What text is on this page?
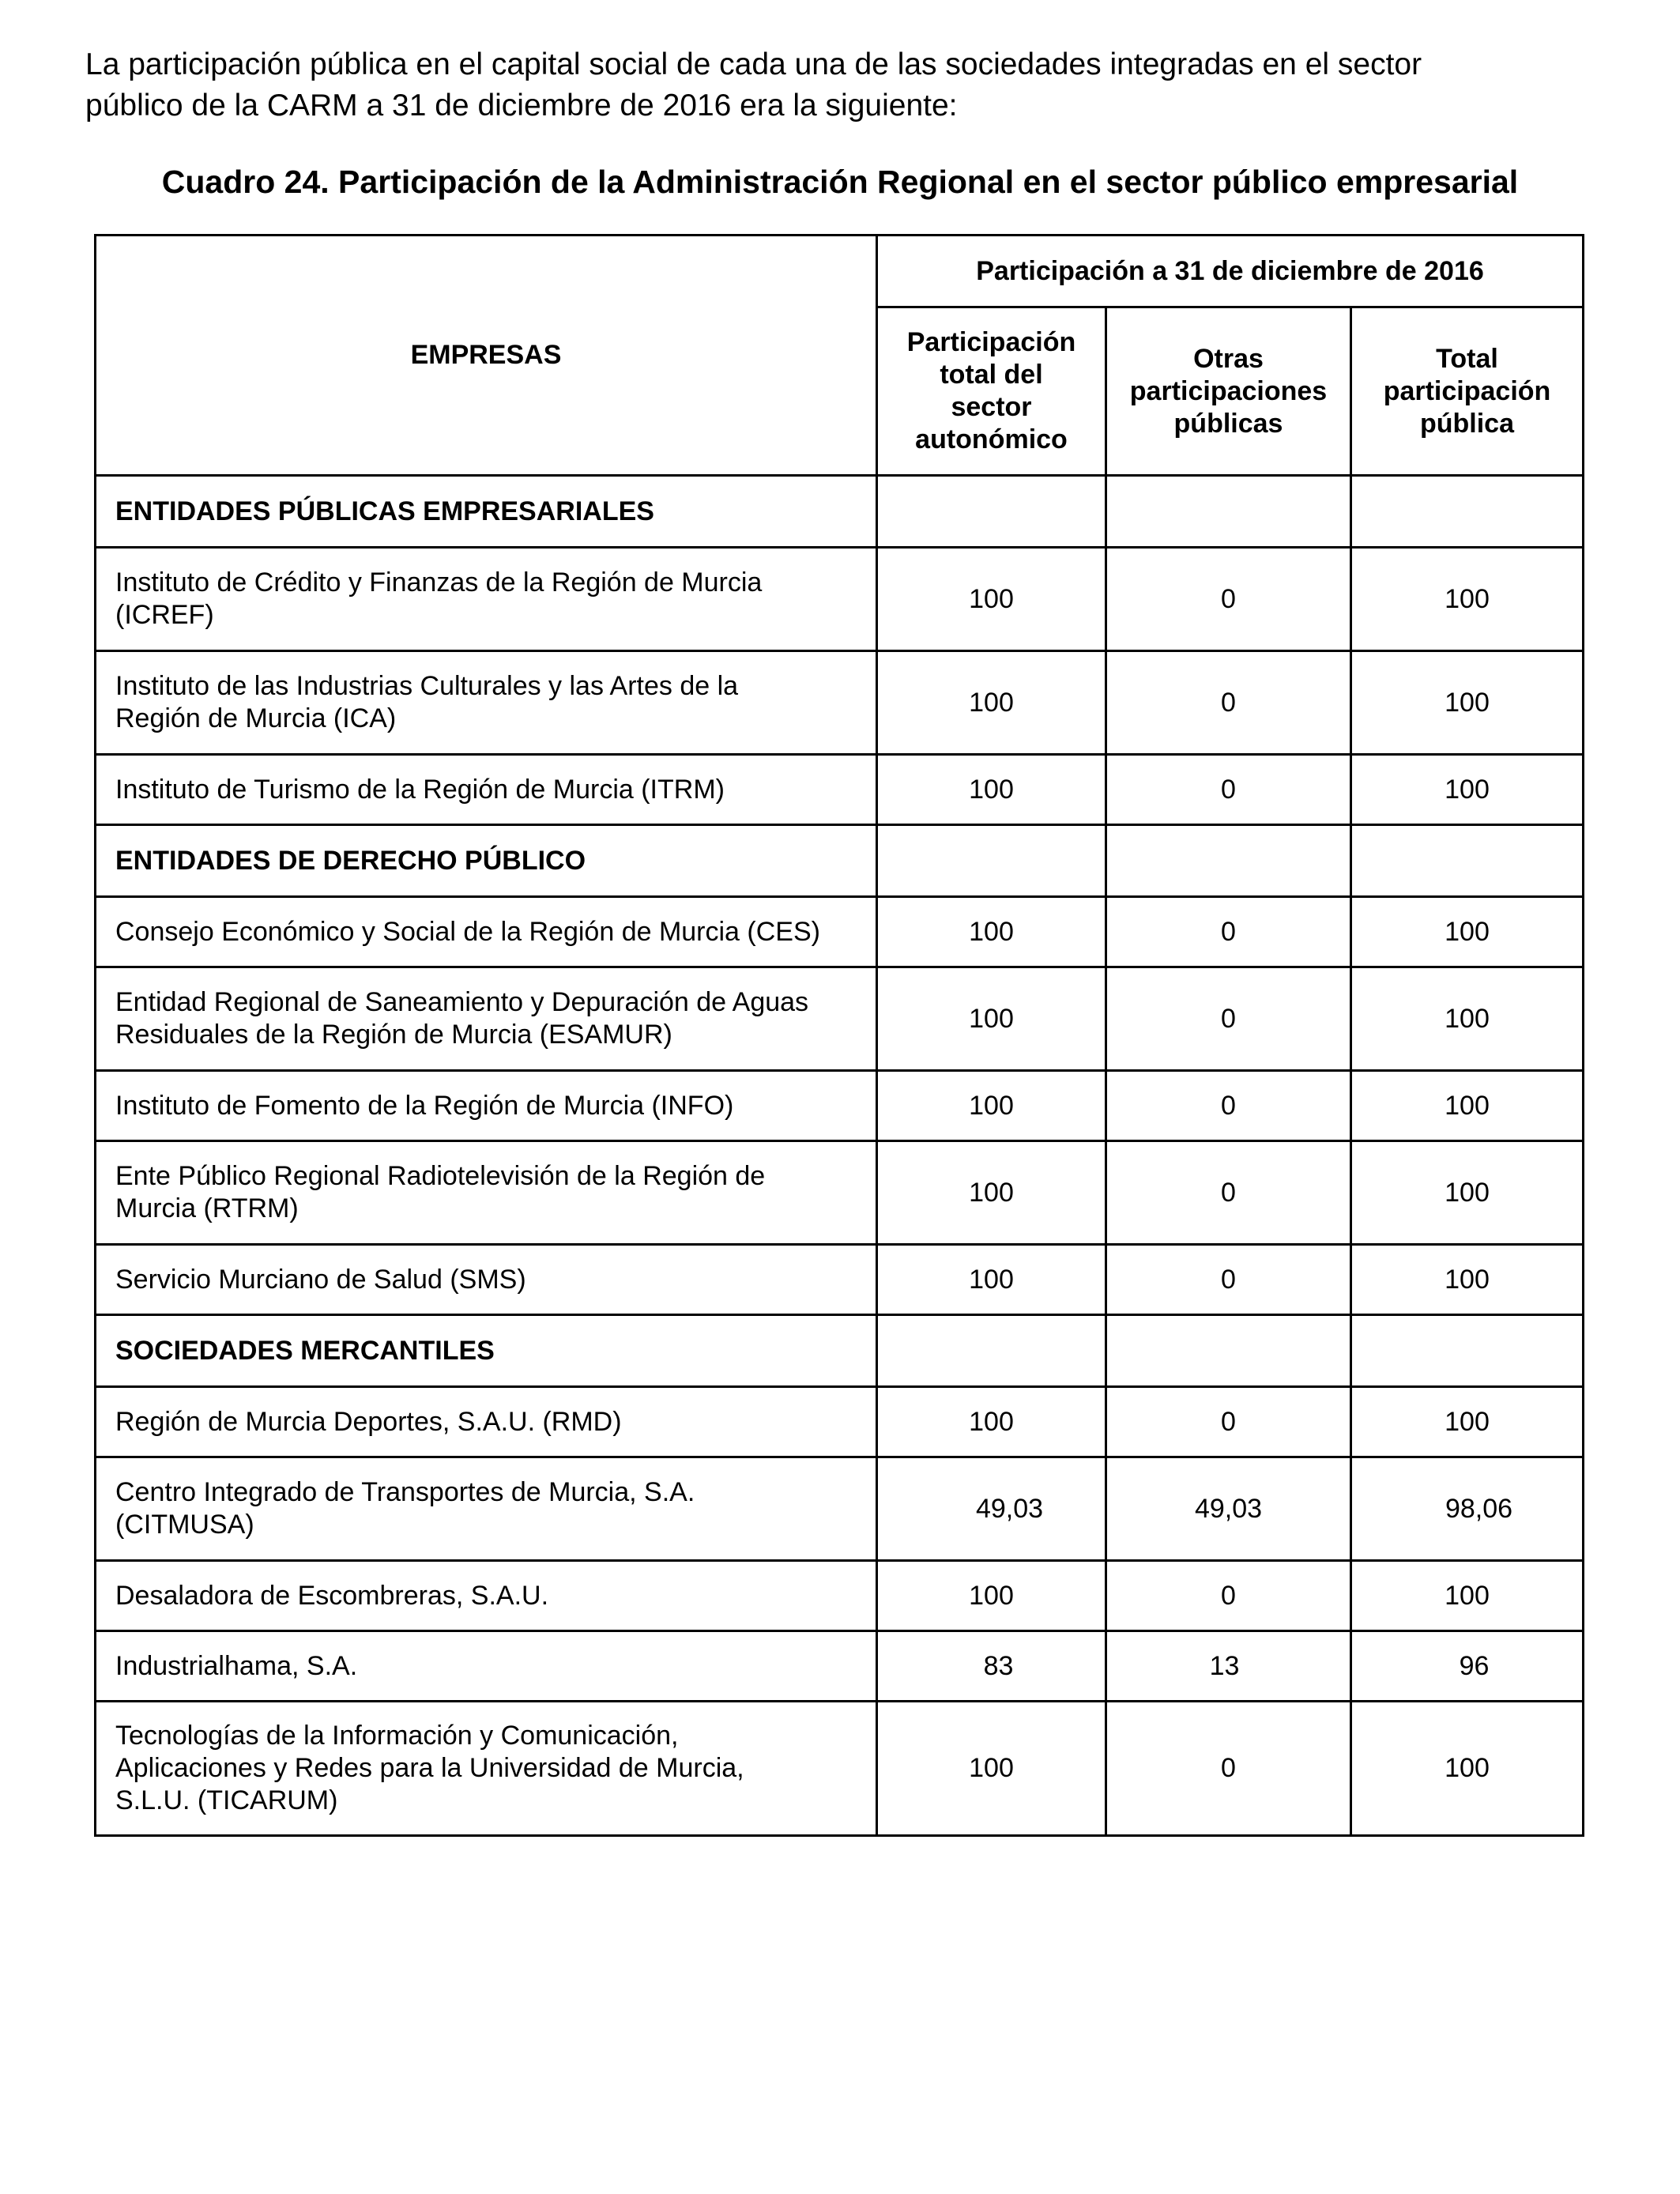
La participación pública en el capital social de cada una de las sociedades integradas en el sector
público de la CARM a 31 de diciembre de 2016 era la siguiente:

Cuadro 24. Participación de la Administración Regional en el sector público empresarial

EMPRESAS	Participación a 31 de diciembre de 2016		

	Participación
total del
sector
autonómico	Otras
participaciones
públicas	Total
participación
pública

ENTIDADES PÚBLICAS EMPRESARIALES			

Instituto de Crédito y Finanzas de la Región de Murcia
(ICREF)	100	0	100

Instituto de las Industrias Culturales y las Artes de la
Región de Murcia (ICA)	100	0	100

Instituto de Turismo de la Región de Murcia (ITRM)	100	0	100
ENTIDADES DE DERECHO PÚBLICO			

Consejo Económico y Social de la Región de Murcia (CES)	100	0	100

Entidad Regional de Saneamiento y Depuración de Aguas
Residuales de la Región de Murcia (ESAMUR)	100	0	100

Instituto de Fomento de la Región de Murcia (INFO)	100	0	100

Ente Público Regional Radiotelevisión de la Región de
Murcia (RTRM)	100	0	100

Servicio Murciano de Salud (SMS)	100	0	100
SOCIEDADES MERCANTILES			

Región de Murcia Deportes, S.A.U. (RMD)	100	0	100

Centro Integrado de Transportes de Murcia, S.A.
(CITMUSA)	49,03	49,03	98,06

Desaladora de Escombreras, S.A.U.	100	0	100

Industrialhama, S.A.	83	13	96

Tecnologías de la Información y Comunicación,
Aplicaciones y Redes para la Universidad de Murcia,
S.L.U. (TICARUM)	100	0	100
